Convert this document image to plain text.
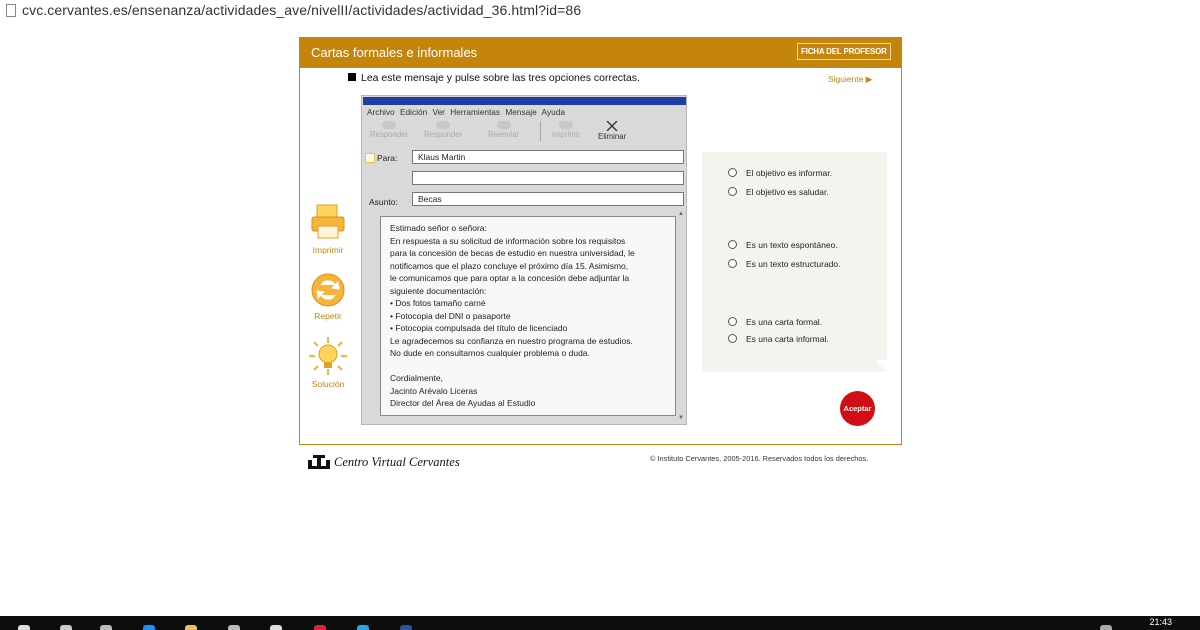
cvc.cervantes.es/ensenanza/actividades_ave/nivelII/actividades/actividad_36.html?id=86
Cartas formales e informales	FICHA DEL PROFESOR
Lea este mensaje y pulse sobre las tres opciones correctas.	Siguiente ▶
Imprimir
Repetir
Solución
Archivo Edición Ver Herramientas Mensaje Ayuda
Responder Responder	Reenviar	Imprimir Eliminar
Para:	Klaus Martin
Asunto:	Becas
▲
Estimado señor o señora:
En respuesta a su solicitud de información sobre los requisitos
para la concesión de becas de estudio en nuestra universidad, le
notificamos que el plazo concluye el próximo día 15. Asimismo,
le comunicamos que para optar a la concesión debe adjuntar la
siguiente documentación:
• Dos fotos tamaño carné
• Fotocopia del DNI o pasaporte
• Fotocopia compulsada del título de licenciado
Le agradecemos su confianza en nuestro programa de estudios.
No dude en consultarnos cualquier problema o duda.
Cordialmente,
Jacinto Arévalo Liceras
Director del Área de Ayudas al Estudio
▼
El objetivo es informar.
El objetivo es saludar.
Es un texto espontáneo.
Es un texto estructurado.
Es una carta formal.
Es una carta informal.
Aceptar
Centro Virtual Cervantes	© Instituto Cervantes, 2005-2016. Reservados todos los derechos.
21:43
